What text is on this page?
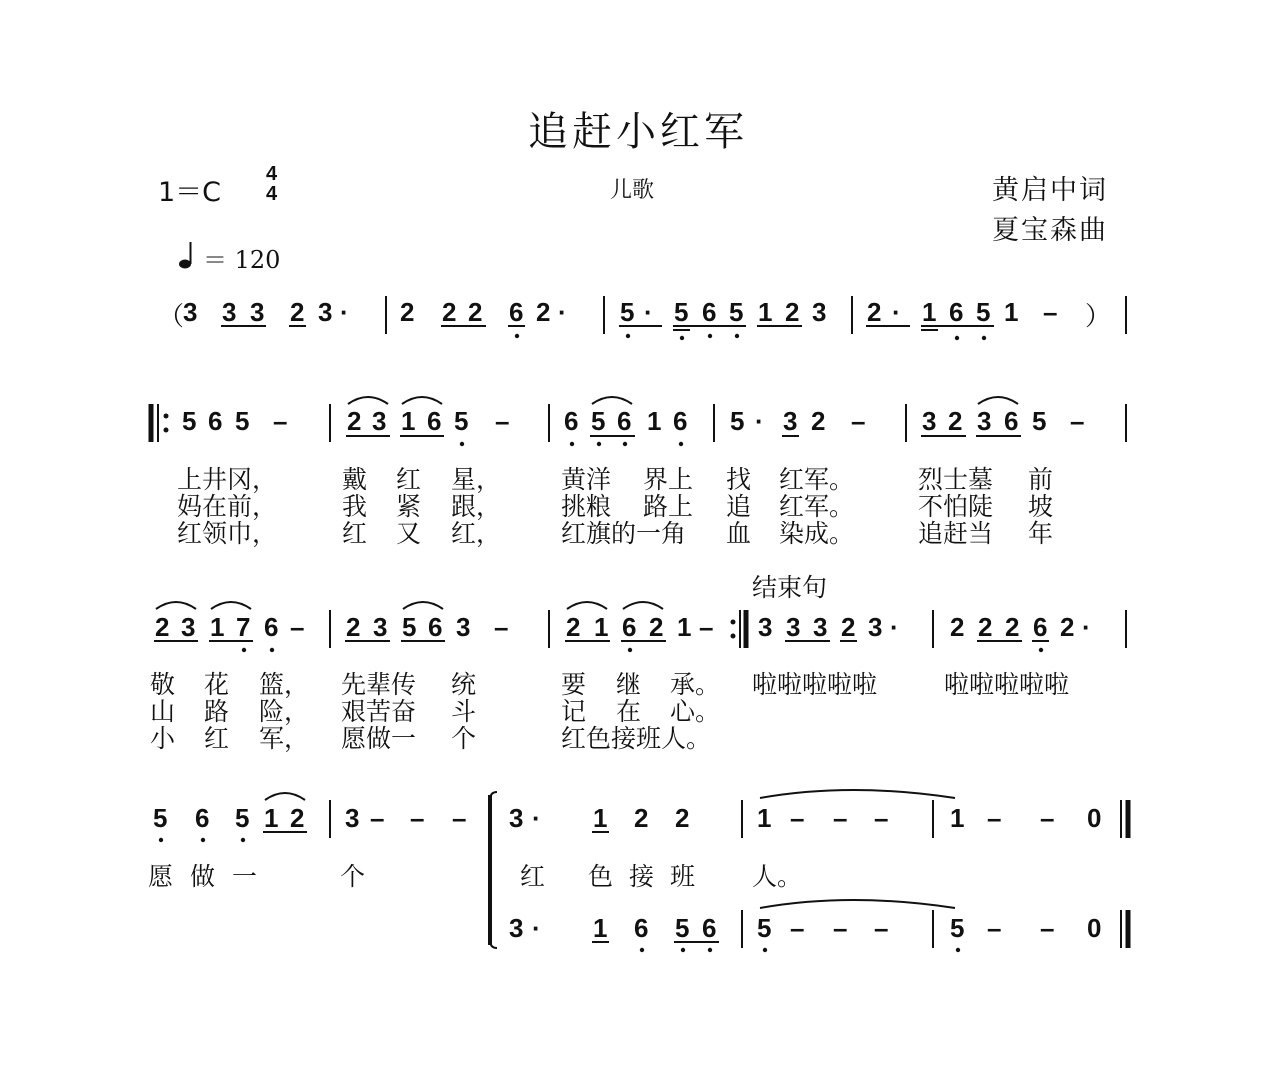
追赶小红军
1＝C
4
4	儿歌	黄启中词
夏宝森曲
＝ 120
（
3 3 3 2 3 · 2 2 2 6 2 · 5 · 5 6 5 1 2 3 2 · 1 6 5 1 – ）
5 6 5 – 2 3 1 6 5 – 6 5 6 1 6 5 · 3 2 – 3 2 3 6 5 –
上井冈，	戴 红 星， 黄洋 界上 找 红军。	烈士墓 前
妈在前，	我 紧 跟， 挑粮 路上 追 红军。	不怕陡 坡
红领巾，	红 又 红， 红旗的一角 血 染成。	追赶当 年
结束句
2 3 1 7 6 – 2 3 5 6 3 – 2 1 6 2 1 – 3 3 3 2 3 · 2 2 2 6 2 ·
敬 花 篮， 先辈传 统	要 继 承。 啦啦啦啦啦	啦啦啦啦啦
山 路 险， 艰苦奋 斗	记 在 心。
小 红 军， 愿做一 个	红色接班人。
5 6 5 1 2 3 – – – 3 · 1 2 2	1 – – – 1 – – 0
愿 做 一	个	红 色 接 班 人。
3 · 1 6 5 6 5 – – – 5 – – 0
